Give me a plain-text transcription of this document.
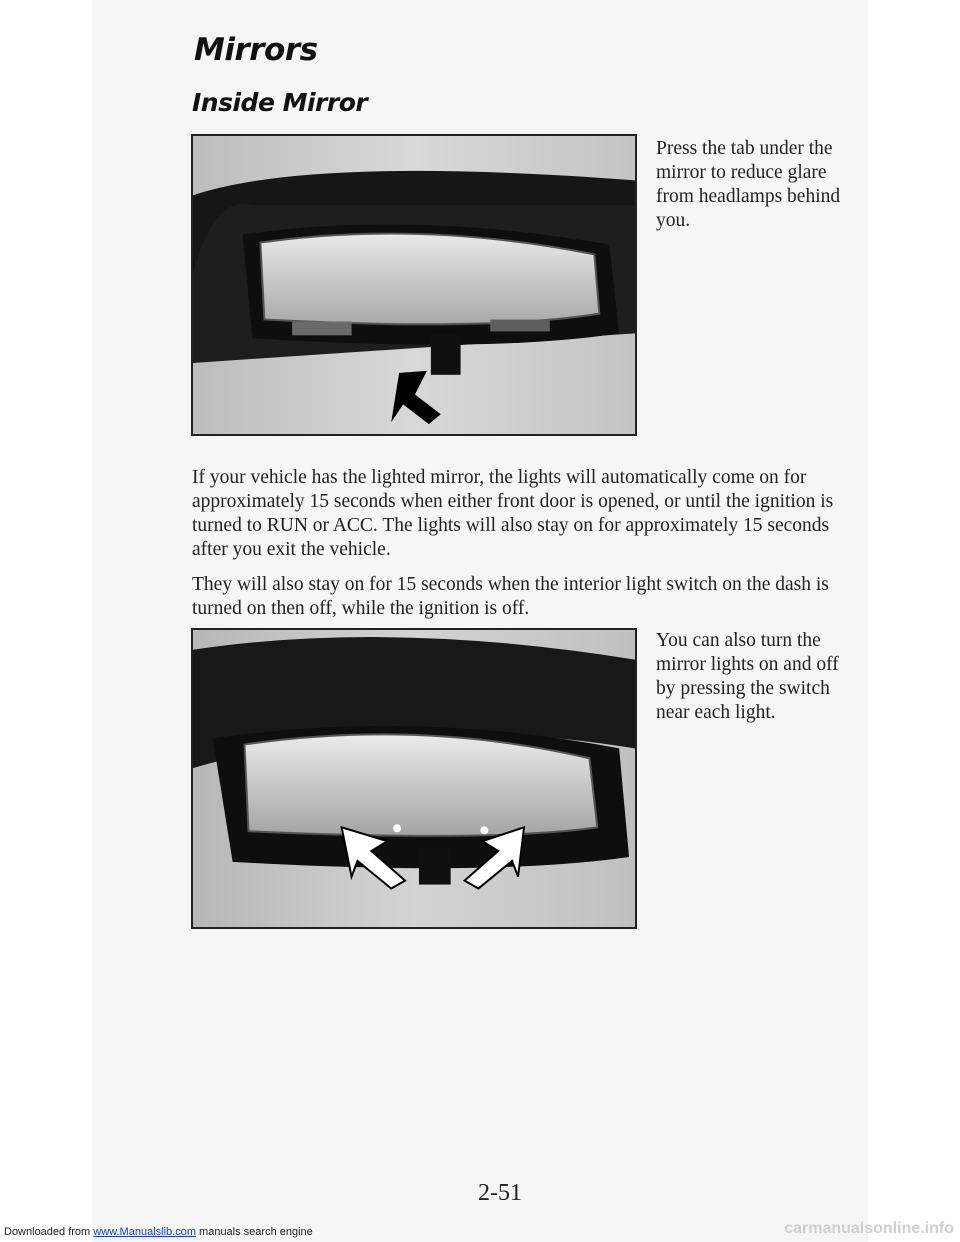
Mirrors
Inside Mirror
Press the tab under the mirror to reduce glare from headlamps behind you.

If your vehicle has the lighted mirror, the lights will automatically come on for approximately 15 seconds when either front door is opened, or until the ignition is turned to RUN or ACC. The lights will also stay on for approximately 15 seconds after you exit the vehicle.

They will also stay on for 15 seconds when the interior light switch on the dash is turned on then off, while the ignition is off.

You can also turn the mirror lights on and off by pressing the switch near each light.
2-51
Downloaded from www.Manualslib.com manuals search engine	carmanualsonline.info
